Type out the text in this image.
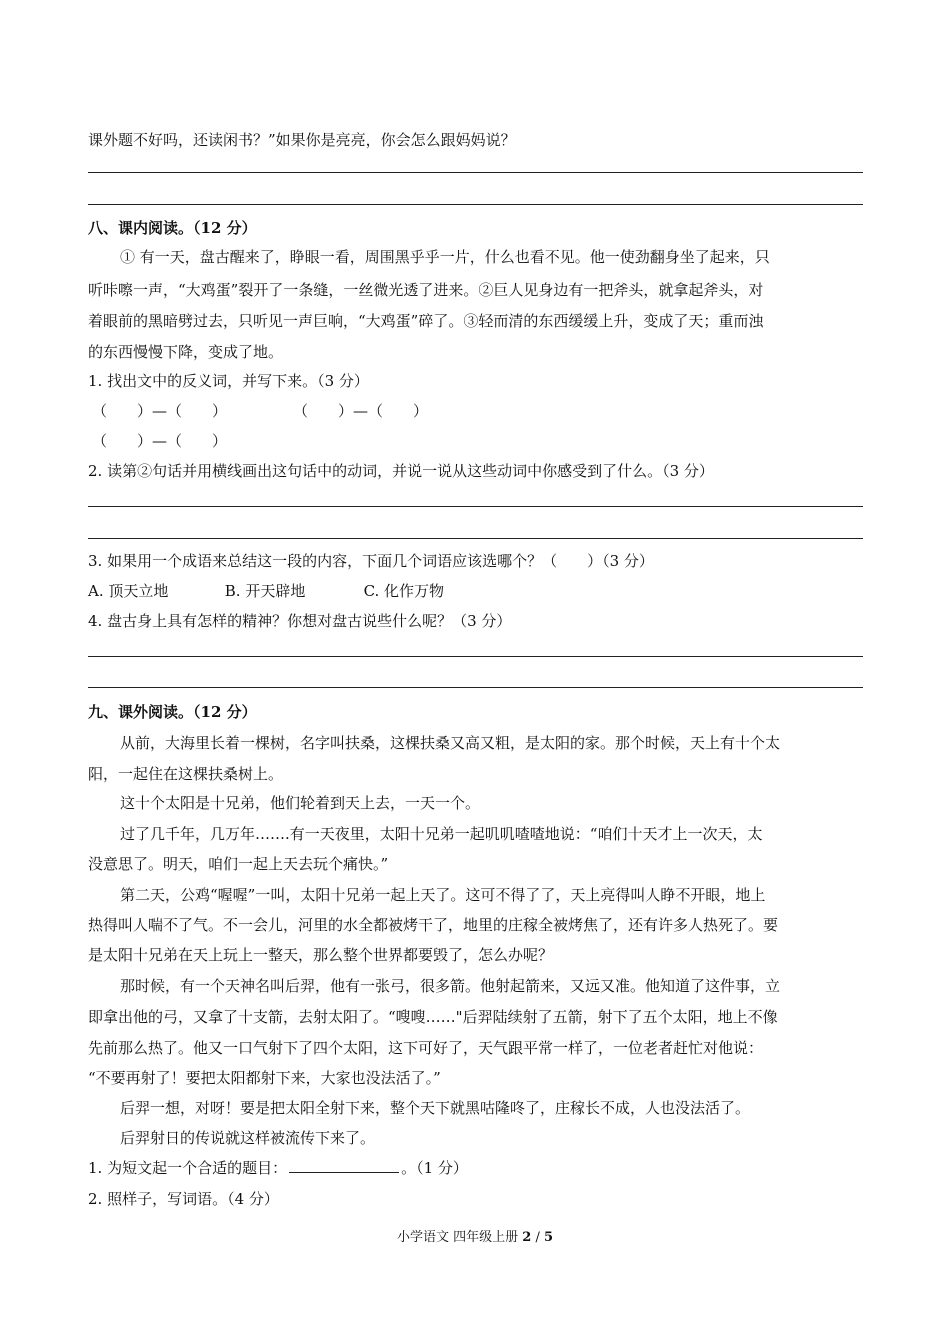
课外题不好吗，还读闲书？”如果你是亮亮，你会怎么跟妈妈说？
八、课内阅读。（12 分）
① 有一天，盘古醒来了，睁眼一看，周围黑乎乎一片，什么也看不见。他一使劲翻身坐了起来，只
听咔嚓一声，“大鸡蛋”裂开了一条缝，一丝微光透了进来。②巨人见身边有一把斧头，就拿起斧头，对
着眼前的黑暗劈过去，只听见一声巨响，“大鸡蛋”碎了。③轻而清的东西缓缓上升，变成了天；重而浊
的东西慢慢下降，变成了地。
1. 找出文中的反义词，并写下来。（3 分）
（　　）—（　　）	（　　）—（　　）
（　　）—（　　）
2. 读第②句话并用横线画出这句话中的动词，并说一说从这些动词中你感受到了什么。（3 分）
3. 如果用一个成语来总结这一段的内容，下面几个词语应该选哪个？（　　）（3 分）
A. 顶天立地	B. 开天辟地	C. 化作万物
4. 盘古身上具有怎样的精神？你想对盘古说些什么呢？（3 分）
九、课外阅读。（12 分）
从前，大海里长着一棵树，名字叫扶桑，这棵扶桑又高又粗，是太阳的家。那个时候，天上有十个太
阳，一起住在这棵扶桑树上。
这十个太阳是十兄弟，他们轮着到天上去，一天一个。
过了几千年，几万年…….有一天夜里，太阳十兄弟一起叽叽喳喳地说：“咱们十天才上一次天，太
没意思了。明天，咱们一起上天去玩个痛快。”
第二天，公鸡“喔喔”一叫，太阳十兄弟一起上天了。这可不得了了，天上亮得叫人睁不开眼，地上
热得叫人喘不了气。不一会儿，河里的水全都被烤干了，地里的庄稼全被烤焦了，还有许多人热死了。要
是太阳十兄弟在天上玩上一整天，那么整个世界都要毁了，怎么办呢？
那时候，有一个天神名叫后羿，他有一张弓，很多箭。他射起箭来，又远又准。他知道了这件事，立
即拿出他的弓，又拿了十支箭，去射太阳了。“嗖嗖……"后羿陆续射了五箭，射下了五个太阳，地上不像
先前那么热了。他又一口气射下了四个太阳，这下可好了，天气跟平常一样了，一位老者赶忙对他说：
“不要再射了！要把太阳都射下来，大家也没法活了。”
后羿一想，对呀！要是把太阳全射下来，整个天下就黑咕隆咚了，庄稼长不成，人也没法活了。
后羿射日的传说就这样被流传下来了。
1. 为短文起一个合适的题目：	。（1 分）
2. 照样子，写词语。（4 分）
小学语文 四年级上册 2 / 5
